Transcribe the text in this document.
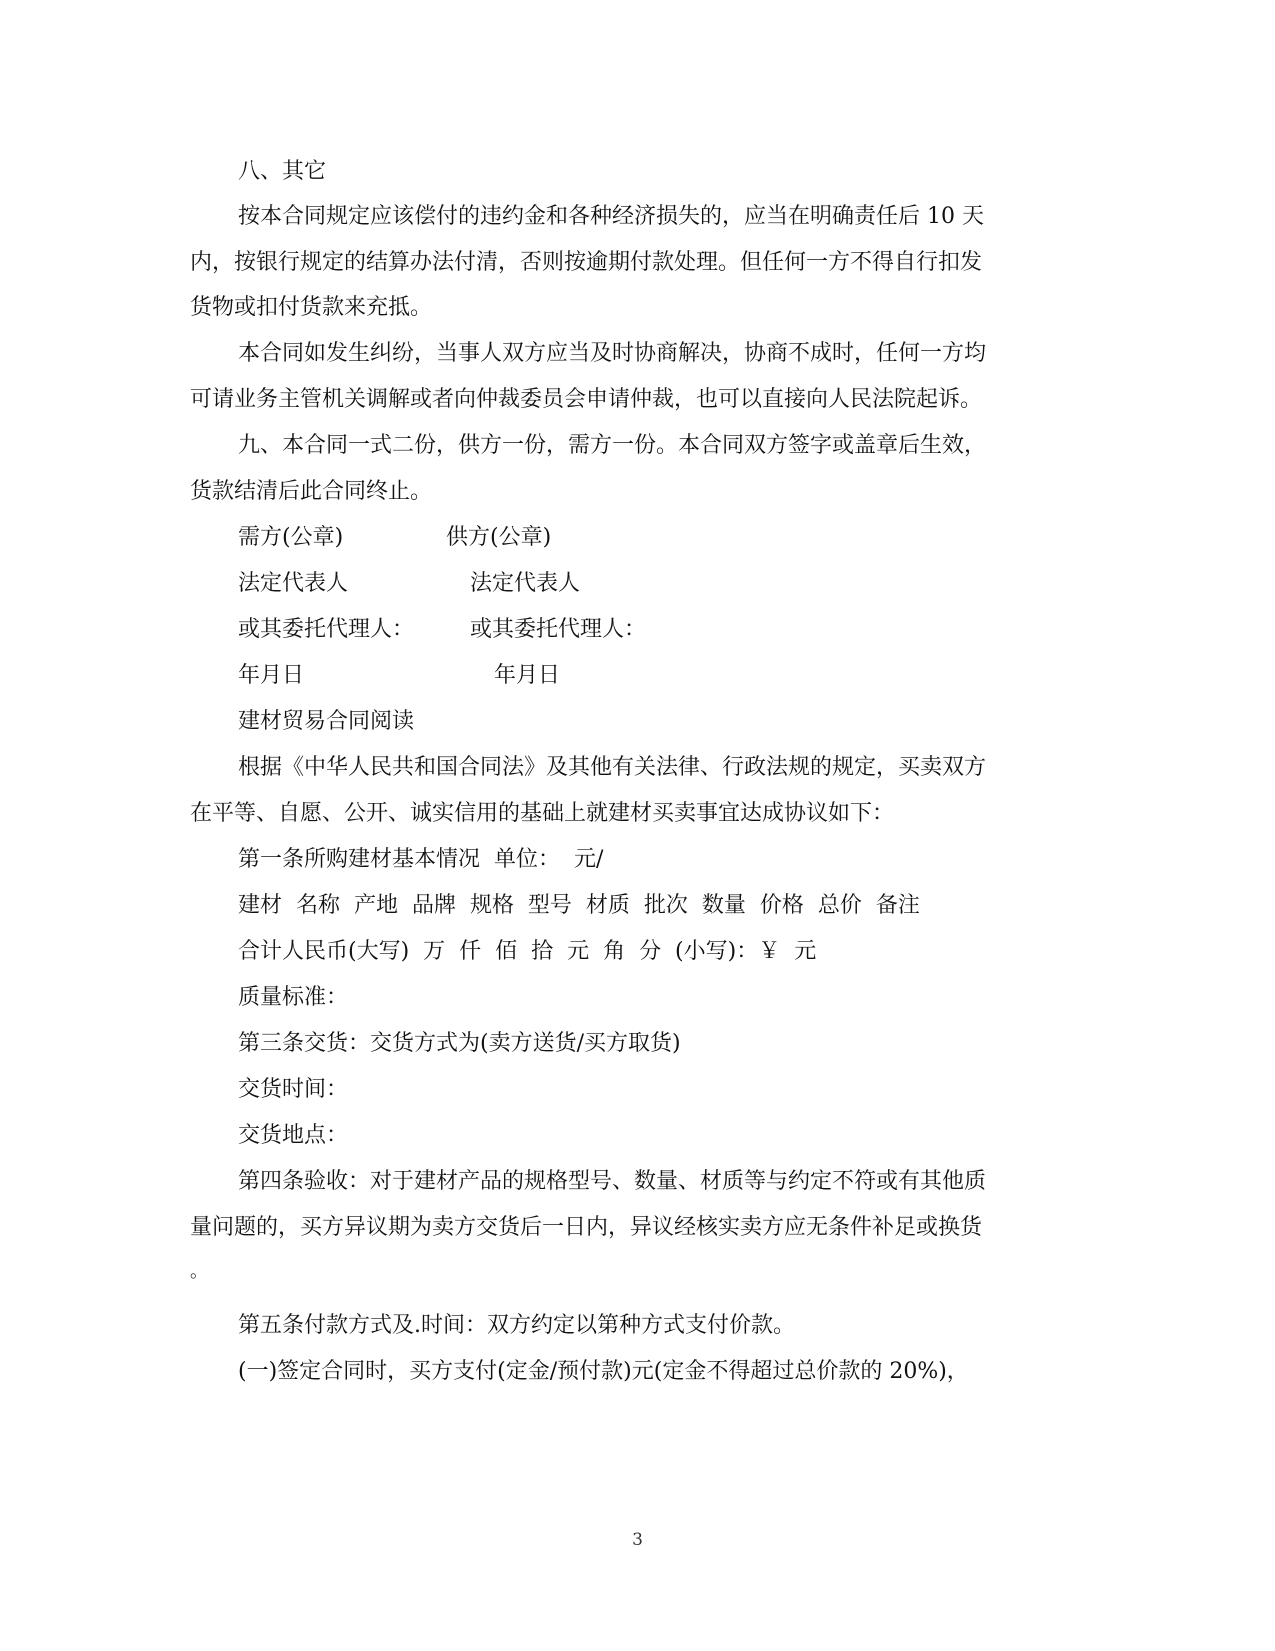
八、其它
按本合同规定应该偿付的违约金和各种经济损失的，应当在明确责任后 10 天
内，按银行规定的结算办法付清，否则按逾期付款处理。但任何一方不得自行扣发
货物或扣付货款来充抵。
本合同如发生纠纷，当事人双方应当及时协商解决，协商不成时，任何一方均
可请业务主管机关调解或者向仲裁委员会申请仲裁，也可以直接向人民法院起诉。
九、本合同一式二份，供方一份，需方一份。本合同双方签字或盖章后生效，
货款结清后此合同终止。
需方(公章)	供方(公章)
法定代表人	法定代表人
或其委托代理人：	或其委托代理人：
年月日	年月日
建材贸易合同阅读
根据《中华人民共和国合同法》及其他有关法律、行政法规的规定，买卖双方
在平等、自愿、公开、诚实信用的基础上就建材买卖事宜达成协议如下：
第一条所购建材基本情况  单位：  元/
建材  名称  产地  品牌  规格  型号  材质  批次  数量  价格  总价  备注
合计人民币(大写)  万  仟  佰  拾  元  角  分  (小写)：￥  元
质量标准：
第三条交货：交货方式为(卖方送货/买方取货)
交货时间：
交货地点：
第四条验收：对于建材产品的规格型号、数量、材质等与约定不符或有其他质
量问题的，买方异议期为卖方交货后一日内，异议经核实卖方应无条件补足或换货
。
第五条付款方式及.时间：双方约定以第种方式支付价款。
(一)签定合同时，买方支付(定金/预付款)元(定金不得超过总价款的 20%)，
3
